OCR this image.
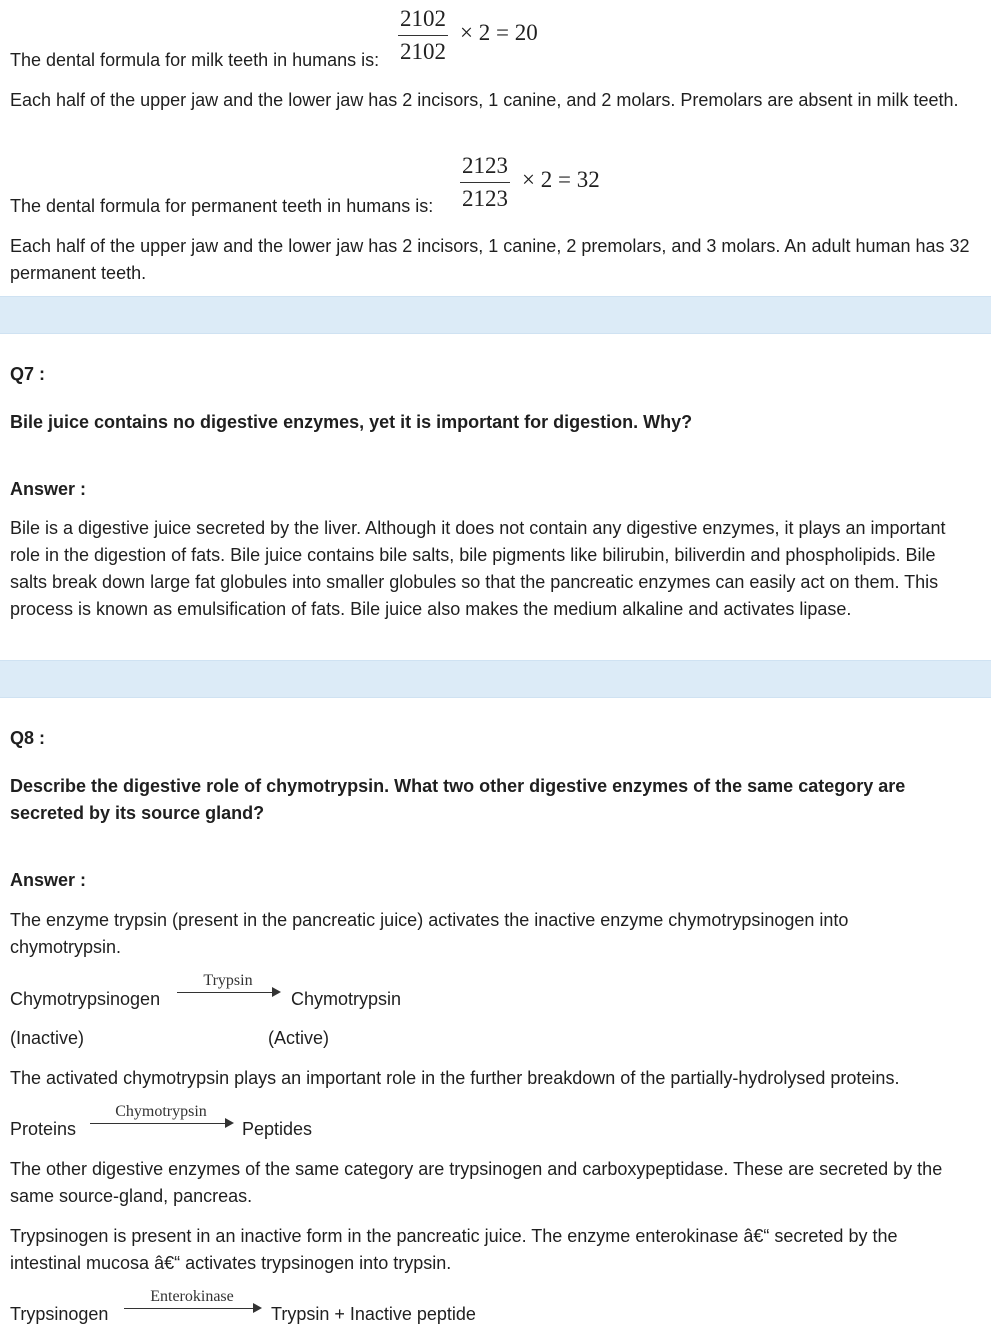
$\frac{2102}{2102} \times 2 = 20$
The dental formula for milk teeth in humans is:

Each half of the upper jaw and the lower jaw has 2 incisors, 1 canine, and 2 molars. Premolars are absent in milk teeth.

$\frac{2123}{2123} \times 2 = 32$
The dental formula for permanent teeth in humans is:

Each half of the upper jaw and the lower jaw has 2 incisors, 1 canine, 2 premolars, and 3 molars. An adult human has 32 permanent teeth.

Q7 :
Bile juice contains no digestive enzymes, yet it is important for digestion. Why?
Answer :

Bile is a digestive juice secreted by the liver. Although it does not contain any digestive enzymes, it plays an important role in the digestion of fats. Bile juice contains bile salts, bile pigments like bilirubin, biliverdin and phospholipids. Bile salts break down large fat globules into smaller globules so that the pancreatic enzymes can easily act on them. This process is known as emulsification of fats. Bile juice also makes the medium alkaline and activates lipase.

Q8 :

Describe the digestive role of chymotrypsin. What two other digestive enzymes of the same category are secreted by its source gland?

Answer :

The enzyme trypsin (present in the pancreatic juice) activates the inactive enzyme chymotrypsinogen into chymotrypsin.

Chymotrypsinogen
Trypsin
Chymotrypsin
(Inactive)	(Active)

The activated chymotrypsin plays an important role in the further breakdown of the partially-hydrolysed proteins.

Proteins
Chymotrypsin
Peptides

The other digestive enzymes of the same category are trypsinogen and carboxypeptidase. These are secreted by the same source-gland, pancreas.

Trypsinogen is present in an inactive form in the pancreatic juice. The enzyme enterokinase â€“ secreted by the intestinal mucosa â€“ activates trypsinogen into trypsin.

Trypsinogen
Enterokinase
Trypsin + Inactive peptide
